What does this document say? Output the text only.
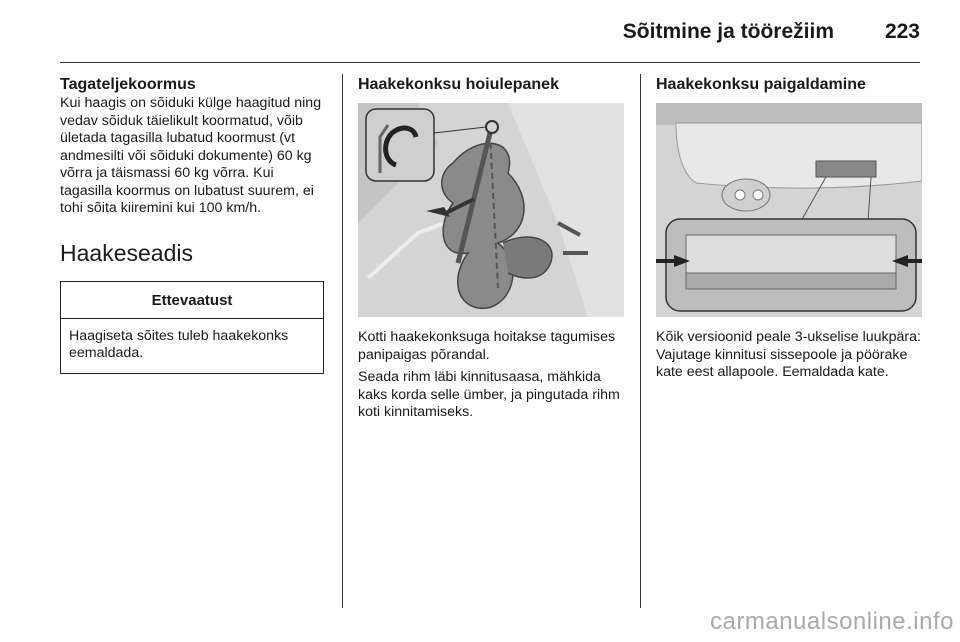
Sõitmine ja töörežiim 223
Tagateljekoormus

Kui haagis on sõiduki külge haagitud ning vedav sõiduk täielikult koormatud, võib ületada tagasilla lubatud koormust (vt andmesilti või sõiduki dokumente) 60 kg võrra ja täismassi 60 kg võrra. Kui tagasilla koormus on lubatust suurem, ei tohi sõita kiiremini kui 100 km/h.

Haakeseadis
Ettevaatust
Haagiseta sõites tuleb haakekonks eemaldada.
Haakekonksu hoiulepanek

Kotti haakekonksuga hoitakse tagumises panipaigas põrandal.

Seada rihm läbi kinnitusaasa, mähkida kaks korda selle ümber, ja pingutada rihm koti kinnitamiseks.

Haakekonksu paigaldamine

Kõik versioonid peale 3-ukselise luukpära: Vajutage kinnitusi sissepoole ja pöörake kate eest allapoole. Eemaldada kate.

carmanualsonline.info
